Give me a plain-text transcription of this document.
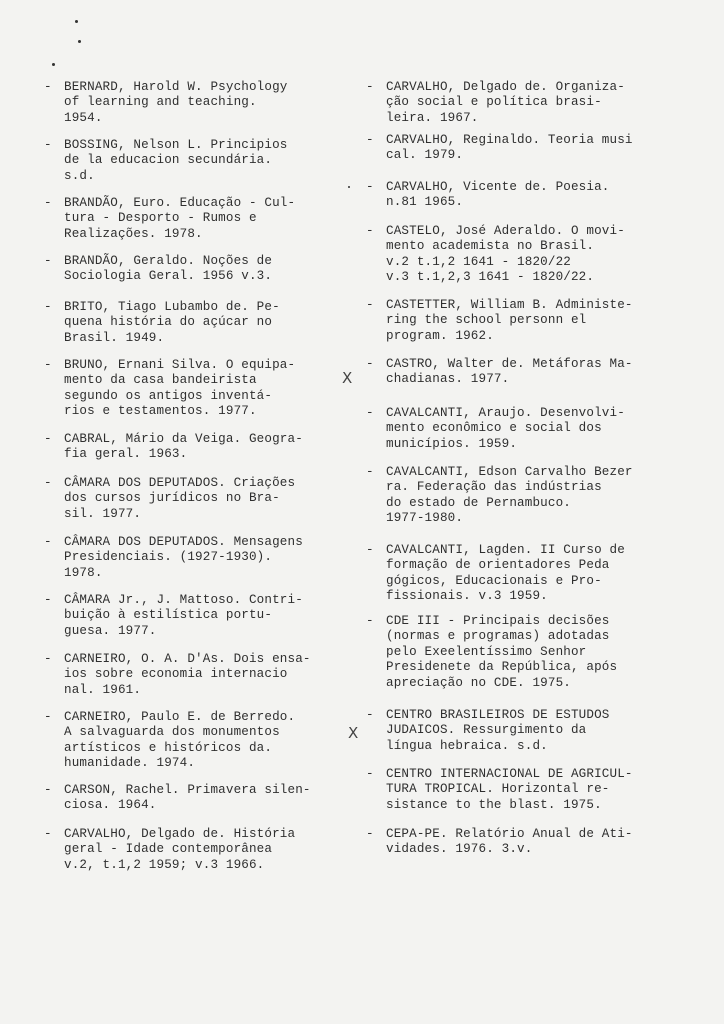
- BERNARD, Harold W. Psychology
of learning and teaching.
1954.
- BOSSING, Nelson L. Principios
de la educacion secundária.
s.d.
- BRANDÃO, Euro. Educação - Cul-
tura - Desporto - Rumos e
Realizações. 1978.
- BRANDÃO, Geraldo. Noções de
Sociologia Geral. 1956 v.3.
- BRITO, Tiago Lubambo de. Pe-
quena história do açúcar no
Brasil. 1949.
- BRUNO, Ernani Silva. O equipa-
mento da casa bandeirista
segundo os antigos inventá-
rios e testamentos. 1977.
- CABRAL, Mário da Veiga. Geogra-
fia geral. 1963.
- CÂMARA DOS DEPUTADOS. Criações
dos cursos jurídicos no Bra-
sil. 1977.
- CÂMARA DOS DEPUTADOS. Mensagens
Presidenciais. (1927-1930).
1978.
- CÂMARA Jr., J. Mattoso. Contri-
buição à estilística portu-
guesa. 1977.
- CARNEIRO, O. A. D'As. Dois ensa-
ios sobre economia internacio
nal. 1961.
- CARNEIRO, Paulo E. de Berredo.
A salvaguarda dos monumentos
artísticos e históricos da.
humanidade. 1974.
- CARSON, Rachel. Primavera silen-
ciosa. 1964.
- CARVALHO, Delgado de. História
geral - Idade contemporânea
v.2, t.1,2 1959; v.3 1966.
- CARVALHO, Delgado de. Organiza-
ção social e política brasi-
leira. 1967.
- CARVALHO, Reginaldo. Teoria musi
cal. 1979.
- CARVALHO, Vicente de. Poesia.
n.81 1965.
- CASTELO, José Aderaldo. O movi-
mento academista no Brasil.
v.2 t.1,2 1641 - 1820/22
v.3 t.1,2,3 1641 - 1820/22.
- CASTETTER, William B. Administe-
ring the school personn el
program. 1962.
- CASTRO, Walter de. Metáforas Ma-
chadianas. 1977.
- CAVALCANTI, Araujo. Desenvolvi-
mento econômico e social dos
municípios. 1959.
- CAVALCANTI, Edson Carvalho Bezer
ra. Federação das indústrias
do estado de Pernambuco.
1977-1980.
- CAVALCANTI, Lagden. II Curso de
formação de orientadores Peda
gógicos, Educacionais e Pro-
fissionais. v.3 1959.
- CDE III - Principais decisões
(normas e programas) adotadas
pelo Exeelentíssimo Senhor
Presidenete da República, após
apreciação no CDE. 1975.
- CENTRO BRASILEIROS DE ESTUDOS
JUDAICOS. Ressurgimento da
língua hebraica. s.d.
- CENTRO INTERNACIONAL DE AGRICUL-
TURA TROPICAL. Horizontal re-
sistance to the blast. 1975.
- CEPA-PE. Relatório Anual de Ati-
vidades. 1976. 3.v.
X
X
